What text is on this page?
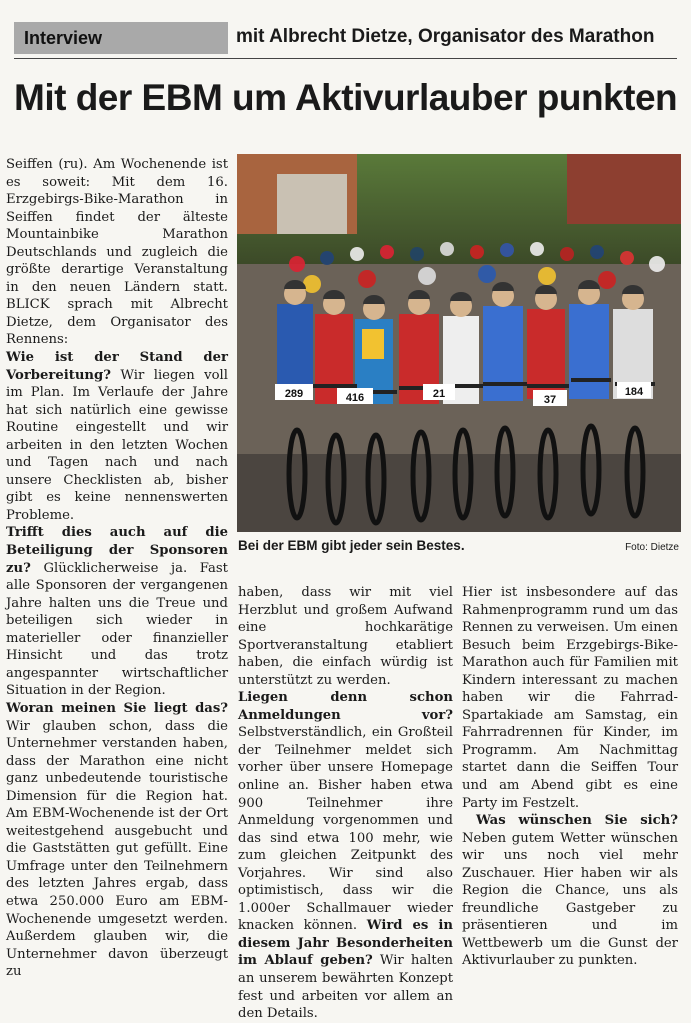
Interview	mit Albrecht Dietze, Organisator des Marathon
Mit der EBM um Aktivurlauber punkten

Seiffen (ru). Am Wochenende ist es soweit: Mit dem 16. Erzgebirgs-Bike-Marathon in Seiffen findet der älteste Mountainbike Marathon Deutschlands und zugleich die größte derartige Veranstaltung in den neuen Ländern statt. BLICK sprach mit Albrecht Dietze, dem Organisator des Rennens:

Wie ist der Stand der Vorbereitung? Wir liegen voll im Plan. Im Verlaufe der Jahre hat sich natürlich eine gewisse Routine eingestellt und wir arbeiten in den letzten Wochen und Tagen nach und nach unsere Checklisten ab, bisher gibt es keine nennenswerten Probleme.

Trifft dies auch auf die Beteiligung der Sponsoren zu? Glücklicherweise ja. Fast alle Sponsoren der vergangenen Jahre halten uns die Treue und beteiligen sich wieder in materieller oder finanzieller Hinsicht und das trotz angespannter wirtschaftlicher Situation in der Region.

Woran meinen Sie liegt das? Wir glauben schon, dass die Unternehmer verstanden haben, dass der Marathon eine nicht ganz unbedeutende touristische Dimension für die Region hat. Am EBM-Wochenende ist der Ort weitestgehend ausgebucht und die Gaststätten gut gefüllt. Eine Umfrage unter den Teilnehmern des letzten Jahres ergab, dass etwa 250.000 Euro am EBM-Wochenende umgesetzt werden. Außerdem glauben wir, die Unternehmer davon überzeugt zu

289	416	21	37
184
Bei der EBM gibt jeder sein Bestes.	Foto: Dietze

haben, dass wir mit viel Herzblut und großem Aufwand eine hochkarätige Sportveranstaltung etabliert haben, die einfach würdig ist unterstützt zu werden.

Liegen denn schon Anmeldungen vor? Selbstverständlich, ein Großteil der Teilnehmer meldet sich vorher über unsere Homepage online an. Bisher haben etwa 900 Teilnehmer ihre Anmeldung vorgenommen und das sind etwa 100 mehr, wie zum gleichen Zeitpunkt des Vorjahres. Wir sind also optimistisch, dass wir die 1.000er Schallmauer wieder knacken können. Wird es in diesem Jahr Besonderheiten im Ablauf geben? Wir halten an unserem bewährten Konzept fest und arbeiten vor allem an den Details.

Hier ist insbesondere auf das Rahmenprogramm rund um das Rennen zu verweisen. Um einen Besuch beim Erzgebirgs-Bike-Marathon auch für Familien mit Kindern interessant zu machen haben wir die Fahrrad-Spartakiade am Samstag, ein Fahrradrennen für Kinder, im Programm. Am Nachmittag startet dann die Seiffen Tour und am Abend gibt es eine Party im Festzelt.

Was wünschen Sie sich? Neben gutem Wetter wünschen wir uns noch viel mehr Zuschauer. Hier haben wir als Region die Chance, uns als freundliche Gastgeber zu präsentieren und im Wettbewerb um die Gunst der Aktivurlauber zu punkten.
